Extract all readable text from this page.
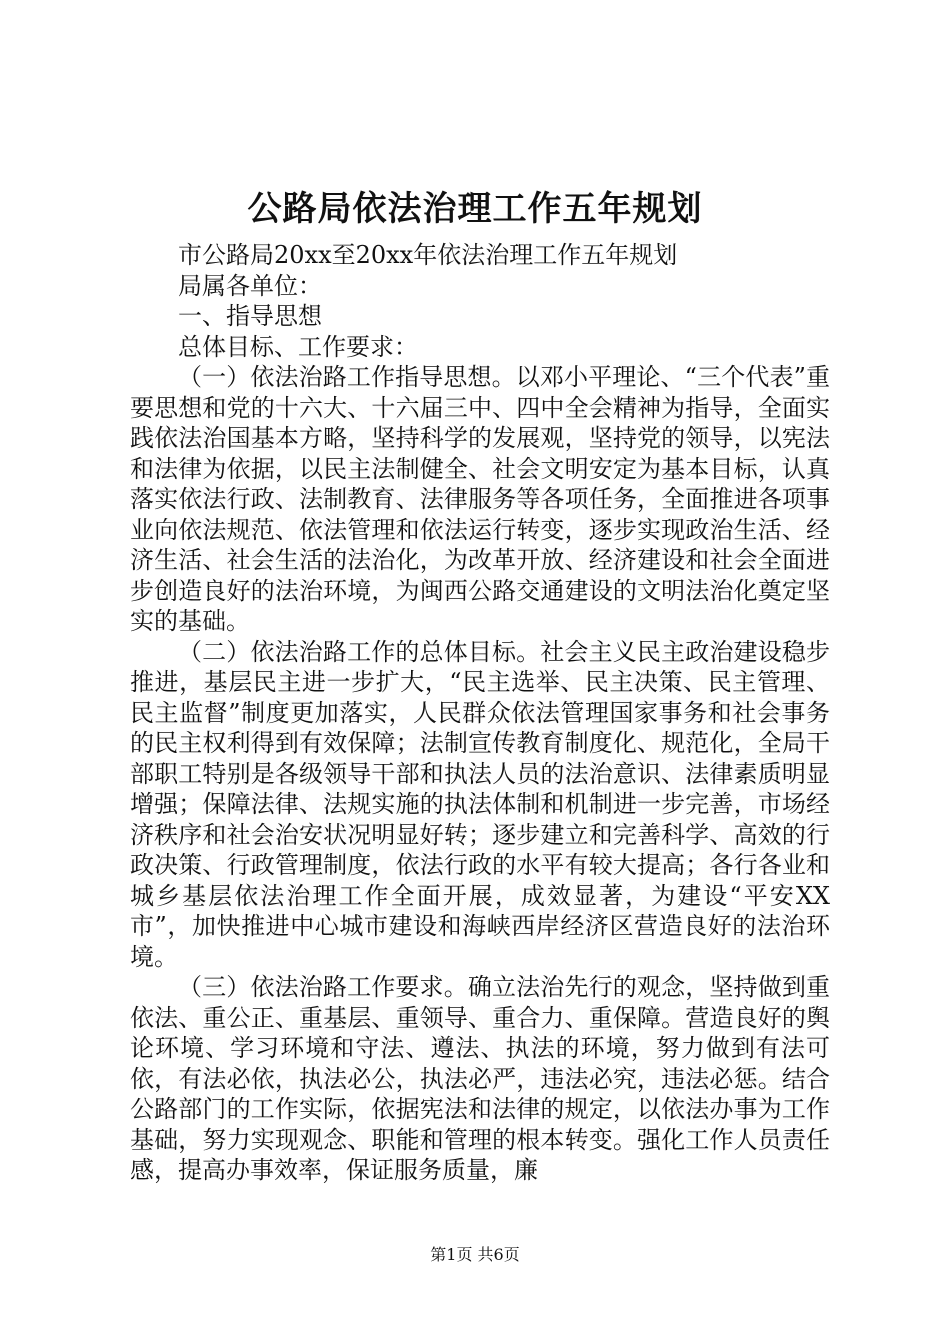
公路局依法治理工作五年规划

市公路局20xx至20xx年依法治理工作五年规划

局属各单位：

一、指导思想

总体目标、工作要求：

（一）依法治路工作指导思想。以邓小平理论、“三个代表”重要思想和党的十六大、十六届三中、四中全会精神为指导，全面实践依法治国基本方略，坚持科学的发展观，坚持党的领导，以宪法和法律为依据，以民主法制健全、社会文明安定为基本目标，认真落实依法行政、法制教育、法律服务等各项任务，全面推进各项事业向依法规范、依法管理和依法运行转变，逐步实现政治生活、经济生活、社会生活的法治化，为改革开放、经济建设和社会全面进步创造良好的法治环境，为闽西公路交通建设的文明法治化奠定坚实的基础。

（二）依法治路工作的总体目标。社会主义民主政治建设稳步推进，基层民主进一步扩大，“民主选举、民主决策、民主管理、民主监督”制度更加落实，人民群众依法管理国家事务和社会事务的民主权利得到有效保障；法制宣传教育制度化、规范化，全局干部职工特别是各级领导干部和执法人员的法治意识、法律素质明显增强；保障法律、法规实施的执法体制和机制进一步完善，市场经济秩序和社会治安状况明显好转；逐步建立和完善科学、高效的行政决策、行政管理制度，依法行政的水平有较大提高；各行各业和城乡基层依法治理工作全面开展，成效显著，为建设“平安XX市”，加快推进中心城市建设和海峡西岸经济区营造良好的法治环境。

（三）依法治路工作要求。确立法治先行的观念，坚持做到重依法、重公正、重基层、重领导、重合力、重保障。营造良好的舆论环境、学习环境和守法、遵法、执法的环境，努力做到有法可依，有法必依，执法必公，执法必严，违法必究，违法必惩。结合公路部门的工作实际，依据宪法和法律的规定，以依法办事为工作基础，努力实现观念、职能和管理的根本转变。强化工作人员责任感，提高办事效率，保证服务质量，廉

第1页 共6页
